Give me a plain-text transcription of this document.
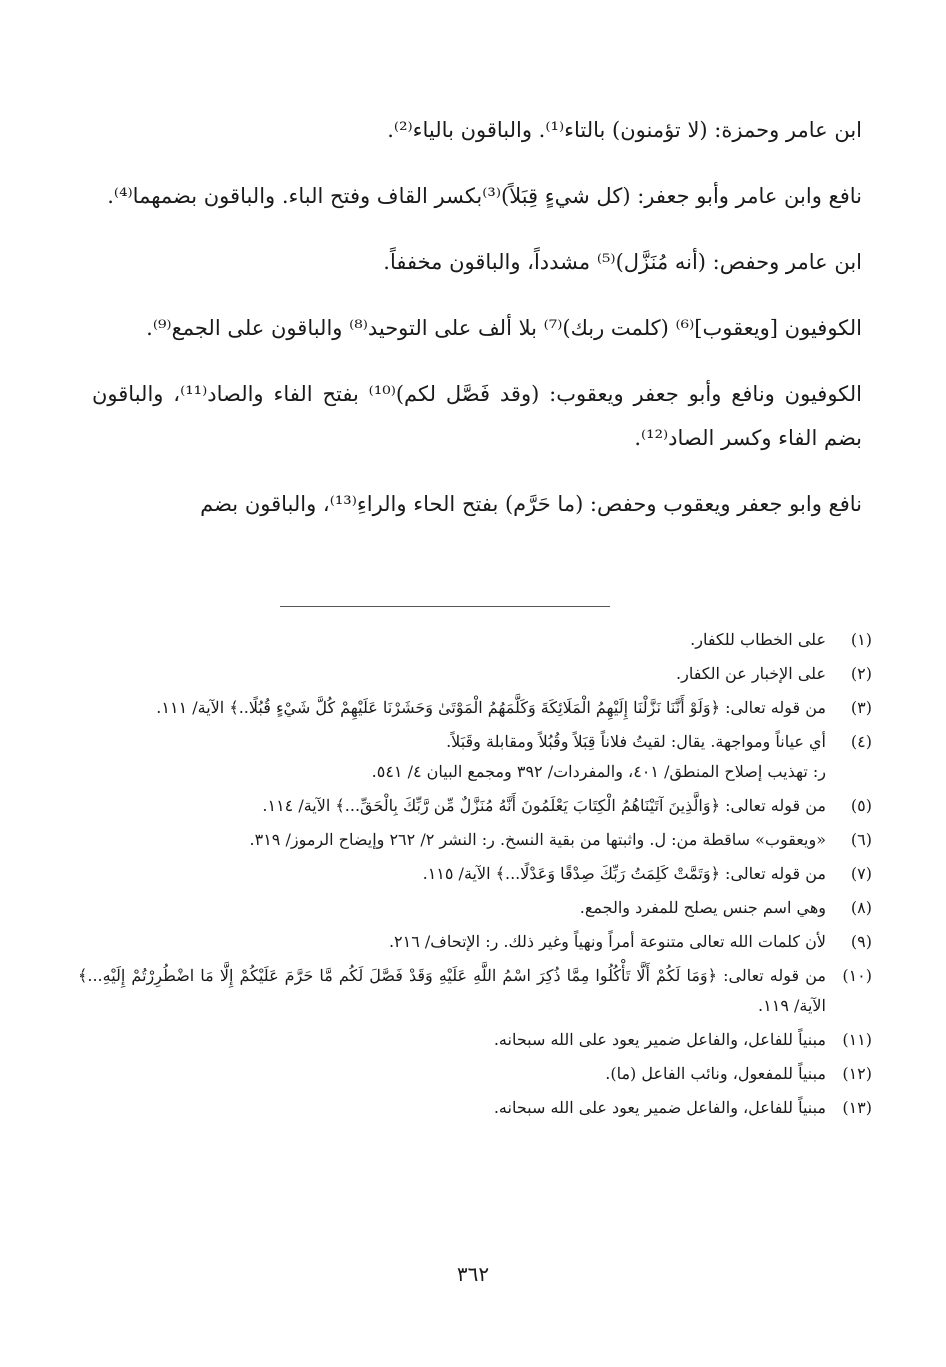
ابن عامر وحمزة: (لا تؤمنون) بالتاء⁽¹⁾. والباقون بالياء⁽²⁾.

نافع وابن عامر وأبو جعفر: (كل شيءٍ قِبَلاً)⁽³⁾بكسر القاف وفتح الباء. والباقون بضمهما⁽⁴⁾.

ابن عامر وحفص: (أنه مُنَزَّل)⁽⁵⁾ مشدداً، والباقون مخففاً.

الكوفيون [ويعقوب]⁽⁶⁾ (كلمت ربك)⁽⁷⁾ بلا ألف على التوحيد⁽⁸⁾ والباقون على الجمع⁽⁹⁾.

الكوفيون ونافع وأبو جعفر ويعقوب: (وقد فَصَّل لكم)⁽¹⁰⁾ بفتح الفاء والصاد⁽¹¹⁾، والباقون بضم الفاء وكسر الصاد⁽¹²⁾.

نافع وابو جعفر ويعقوب وحفص: (ما حَرَّم) بفتح الحاء والراءِ⁽¹³⁾، والباقون بضم

(١)
على الخطاب للكفار.
(٢)
على الإخبار عن الكفار.
(٣)
من قوله تعالى: ﴿وَلَوْ أَنَّنَا نَزَّلْنَا إِلَيْهِمُ الْمَلَائِكَةَ وَكَلَّمَهُمُ الْمَوْتَىٰ وَحَشَرْنَا عَلَيْهِمْ كُلَّ شَيْءٍ قُبُلًا..﴾ الآية/ ١١١.
(٤)
أي عياناً ومواجهة. يقال: لقيتُ فلاناً قِبَلاً وقُبُلاً ومقابلة وقَبَلاً.
ر: تهذيب إصلاح المنطق/ ٤٠١، والمفردات/ ٣٩٢ ومجمع البيان ٤/ ٥٤١.
(٥)
من قوله تعالى: ﴿وَالَّذِينَ آتَيْنَاهُمُ الْكِتَابَ يَعْلَمُونَ أَنَّهُ مُنَزَّلٌ مِّن رَّبِّكَ بِالْحَقِّ...﴾ الآية/ ١١٤.
(٦)
«ويعقوب» ساقطة من: ل. واثبتها من بقية النسخ. ر: النشر ٢/ ٢٦٢ وإيضاح الرموز/ ٣١٩.
(٧)
من قوله تعالى: ﴿وَتَمَّتْ كَلِمَتُ رَبِّكَ صِدْقًا وَعَدْلًا...﴾ الآية/ ١١٥.
(٨)
وهي اسم جنس يصلح للمفرد والجمع.
(٩)
لأن كلمات الله تعالى متنوعة أمراً ونهياً وغير ذلك. ر: الإتحاف/ ٢١٦.
(١٠)
من قوله تعالى: ﴿وَمَا لَكُمْ أَلَّا تَأْكُلُوا مِمَّا ذُكِرَ اسْمُ اللَّهِ عَلَيْهِ وَقَدْ فَصَّلَ لَكُم مَّا حَرَّمَ عَلَيْكُمْ إِلَّا مَا اضْطُرِرْتُمْ إِلَيْهِ...﴾ الآية/ ١١٩.
(١١)
مبنياً للفاعل، والفاعل ضمير يعود على الله سبحانه.
(١٢)
مبنياً للمفعول، ونائب الفاعل (ما).
(١٣)
مبنياً للفاعل، والفاعل ضمير يعود على الله سبحانه.
٣٦٢
